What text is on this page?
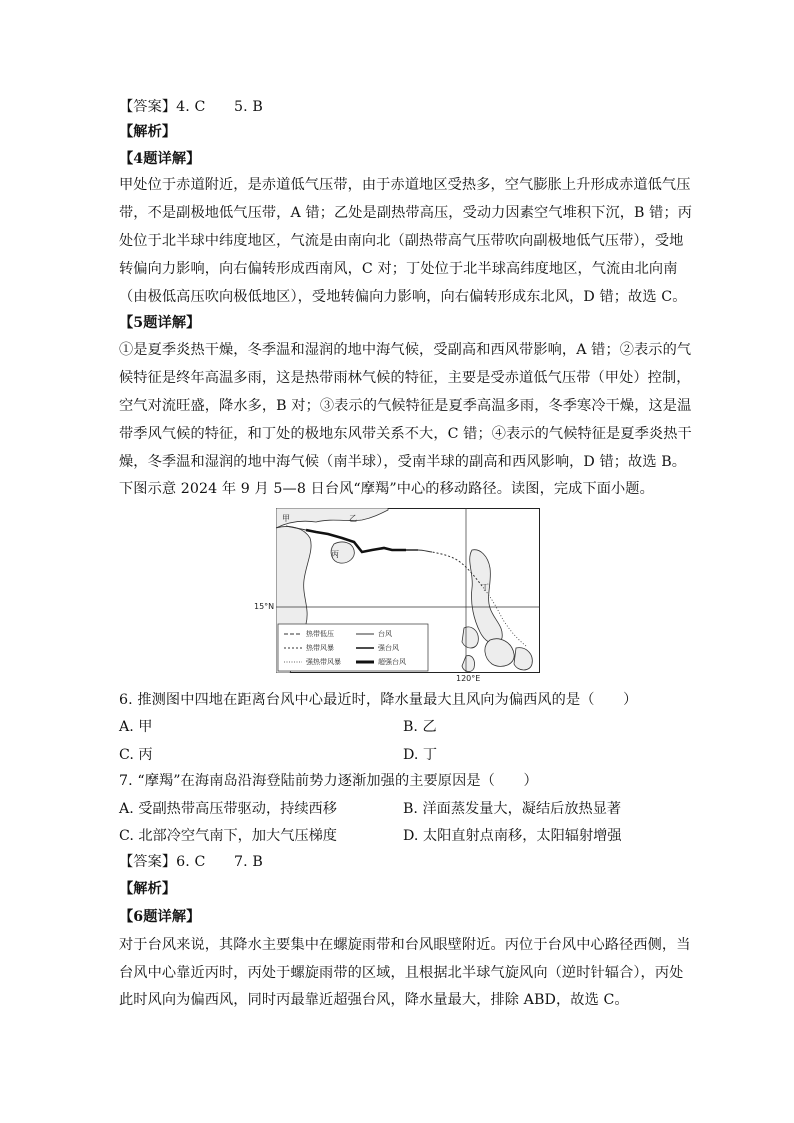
【答案】4. C　　5. B
【解析】
【4题详解】
甲处位于赤道附近，是赤道低气压带，由于赤道地区受热多，空气膨胀上升形成赤道低气压
带，不是副极地低气压带，A 错；乙处是副热带高压，受动力因素空气堆积下沉，B 错；丙
处位于北半球中纬度地区，气流是由南向北（副热带高气压带吹向副极地低气压带），受地
转偏向力影响，向右偏转形成西南风，C 对；丁处位于北半球高纬度地区，气流由北向南
（由极低高压吹向极低地区），受地转偏向力影响，向右偏转形成东北风，D 错；故选 C。
【5题详解】
①是夏季炎热干燥，冬季温和湿润的地中海气候，受副高和西风带影响，A 错；②表示的气
候特征是终年高温多雨，这是热带雨林气候的特征，主要是受赤道低气压带（甲处）控制，
空气对流旺盛，降水多，B 对；③表示的气候特征是夏季高温多雨，冬季寒冷干燥，这是温
带季风气候的特征，和丁处的极地东风带关系不大，C 错；④表示的气候特征是夏季炎热干
燥，冬季温和湿润的地中海气候（南半球），受南半球的副高和西风影响，D 错；故选 B。
下图示意 2024 年 9 月 5—8 日台风“摩羯”中心的移动路径。读图，完成下面小题。
甲	乙
丙
丁
15°N
120°E
热带低压	台风
热带风暴	强台风
强热带风暴	超强台风
6. 推测图中四地在距离台风中心最近时，降水量最大且风向为偏西风的是（　　）
A. 甲	B. 乙
C. 丙	D. 丁
7. “摩羯”在海南岛沿海登陆前势力逐渐加强的主要原因是（　　）
A. 受副热带高压带驱动，持续西移	B. 洋面蒸发量大，凝结后放热显著
C. 北部冷空气南下，加大气压梯度	D. 太阳直射点南移，太阳辐射增强
【答案】6. C　　7. B
【解析】
【6题详解】
对于台风来说，其降水主要集中在螺旋雨带和台风眼壁附近。丙位于台风中心路径西侧，当
台风中心靠近丙时，丙处于螺旋雨带的区域，且根据北半球气旋风向（逆时针辐合），丙处
此时风向为偏西风，同时丙最靠近超强台风，降水量最大，排除 ABD，故选 C。
